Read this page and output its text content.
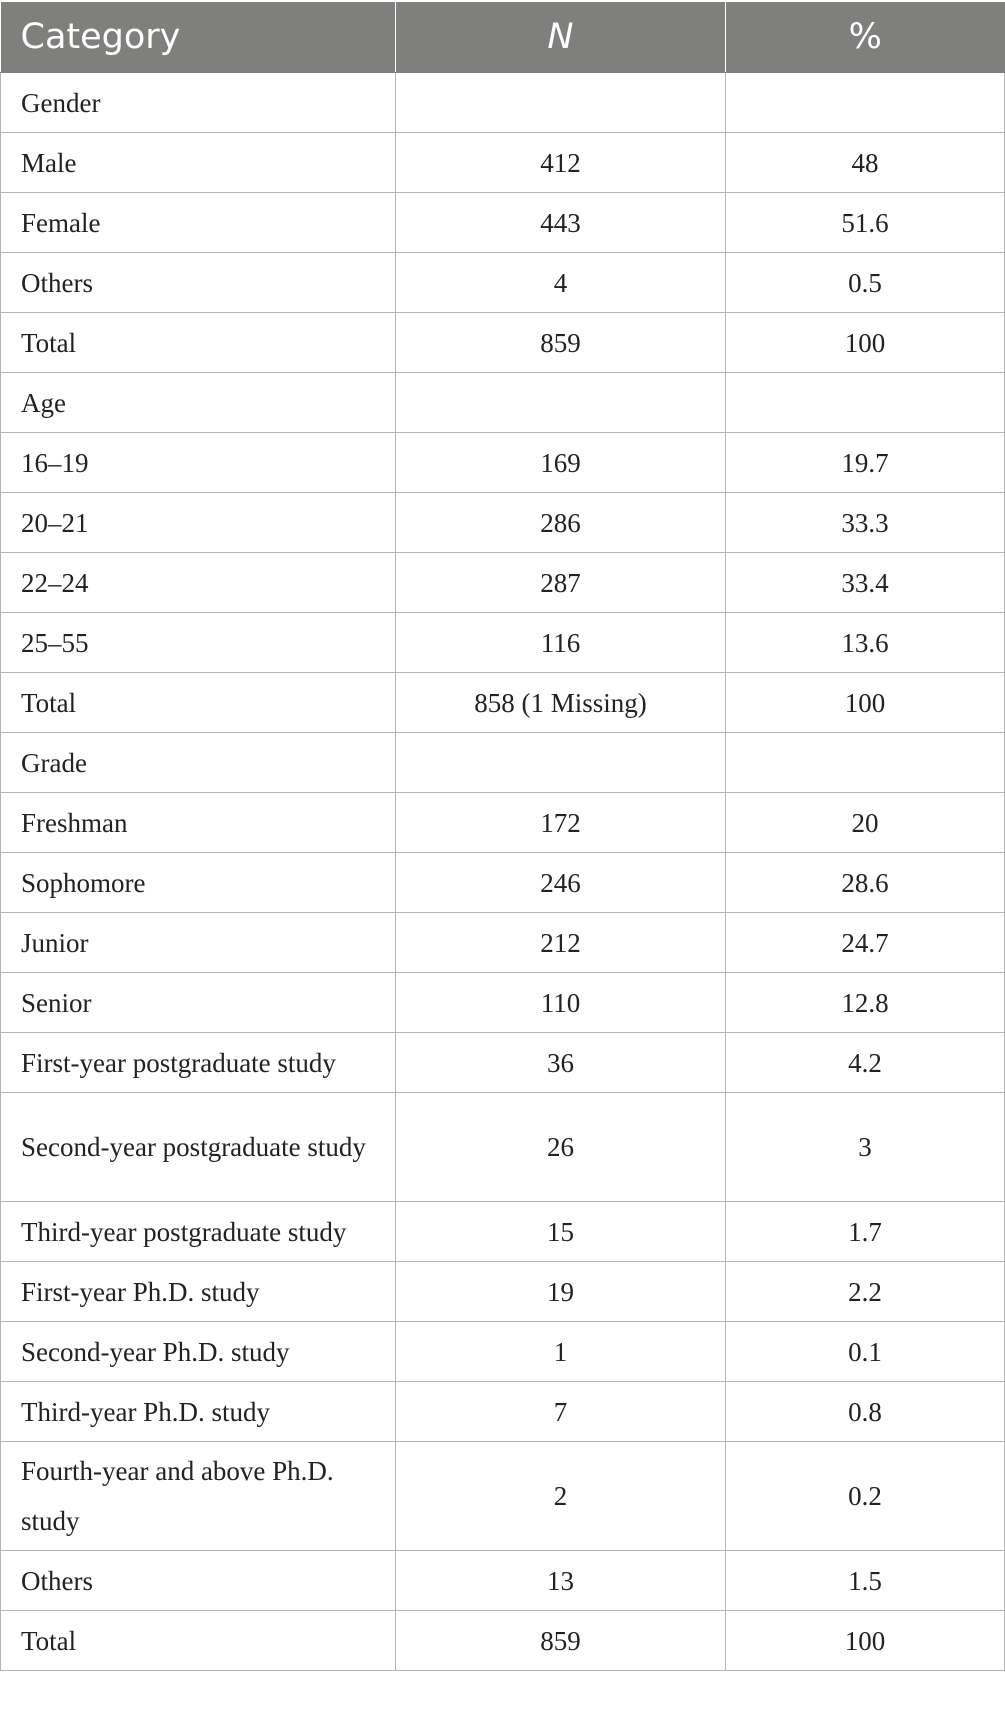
Category	N	%
Gender		
Male	412	48
Female	443	51.6
Others	4	0.5
Total	859	100
Age		
16–19	169	19.7
20–21	286	33.3
22–24	287	33.4
25–55	116	13.6
Total	858 (1 Missing)	100
Grade		
Freshman	172	20
Sophomore	246	28.6
Junior	212	24.7
Senior	110	12.8
First-year postgraduate study	36	4.2
Second-year postgraduate study	26	3
Third-year postgraduate study	15	1.7
First-year Ph.D. study	19	2.2
Second-year Ph.D. study	1	0.1
Third-year Ph.D. study	7	0.8
Fourth-year and above Ph.D. study	2	0.2
Others	13	1.5
Total	859	100
